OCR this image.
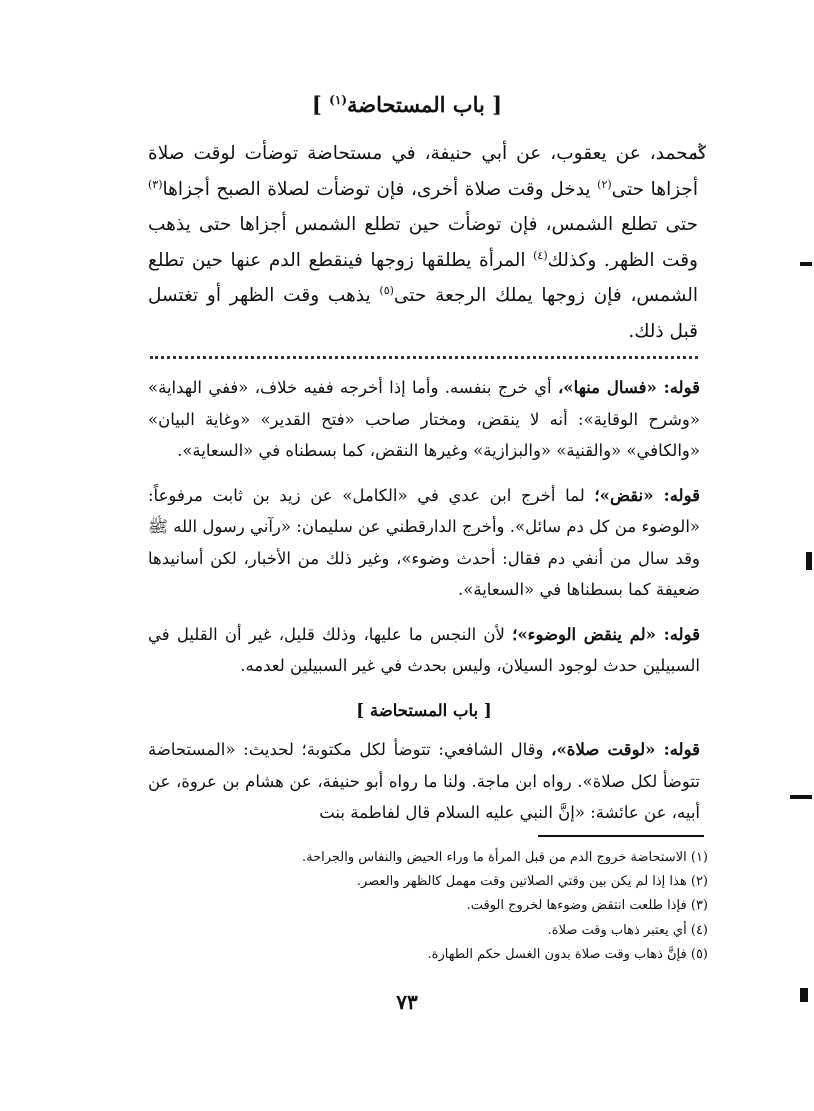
[ باب المستحاضة$^{(١)}$ ]
ݣ
محمد، عن يعقوب، عن أبي حنيفة، في مستحاضة توضأت لوقت صلاة أجزاها حتى$^{(٢)}$ يدخل وقت صلاة أخرى، فإن توضأت لصلاة الصبح أجزاها$^{(٣)}$ حتى تطلع الشمس، فإن توضأت حين تطلع الشمس أجزاها حتى يذهب وقت الظهر. وكذلك$^{(٤)}$ المرأة يطلقها زوجها فينقطع الدم عنها حين تطلع الشمس، فإن زوجها يملك الرجعة حتى$^{(٥)}$ يذهب وقت الظهر أو تغتسل قبل ذلك.

قوله: «فسال منها»، أي خرج بنفسه. وأما إذا أخرجه ففيه خلاف، «ففي الهداية» «وشرح الوقاية»: أنه لا ينقض، ومختار صاحب «فتح القدير» «وغاية البيان» «والكافي» «والقنية» «والبزازية» وغيرها النقض، كما بسطناه في «السعاية».

قوله: «نقض»؛ لما أخرج ابن عدي في «الكامل» عن زيد بن ثابت مرفوعاً: «الوضوء من كل دم سائل». وأخرج الدارقطني عن سليمان: «رآني رسول الله ﷺ وقد سال من أنفي دم فقال: أحدث وضوء»، وغير ذلك من الأخبار، لكن أسانيدها ضعيفة كما بسطناها في «السعاية».

قوله: «لم ينقض الوضوء»؛ لأن النجس ما عليها، وذلك قليل، غير أن القليل في السبيلين حدث لوجود السيلان، وليس بحدث في غير السبيلين لعدمه.

[ باب المستحاضة ]

قوله: «لوقت صلاة»، وقال الشافعي: تتوضأ لكل مكتوبة؛ لحديث: «المستحاضة تتوضأ لكل صلاة». رواه ابن ماجة. ولنا ما رواه أبو حنيفة، عن هشام بن عروة، عن أبيه، عن عائشة: «إنَّ النبي عليه السلام قال لفاطمة بنت

(١) الاستحاضة خروج الدم من قبل المرأة ما وراء الحيض والنفاس والجراحة.
(٢) هذا إذا لم يكن بين وقتي الصلاتين وقت مهمل كالظهر والعصر.
(٣) فإذا طلعت انتقض وضوءها لخروج الوقت.
(٤) أي يعتبر ذهاب وقت صلاة.
(٥) فإنَّ ذهاب وقت صلاة بدون الغسل حكم الطهارة.
٧٣
